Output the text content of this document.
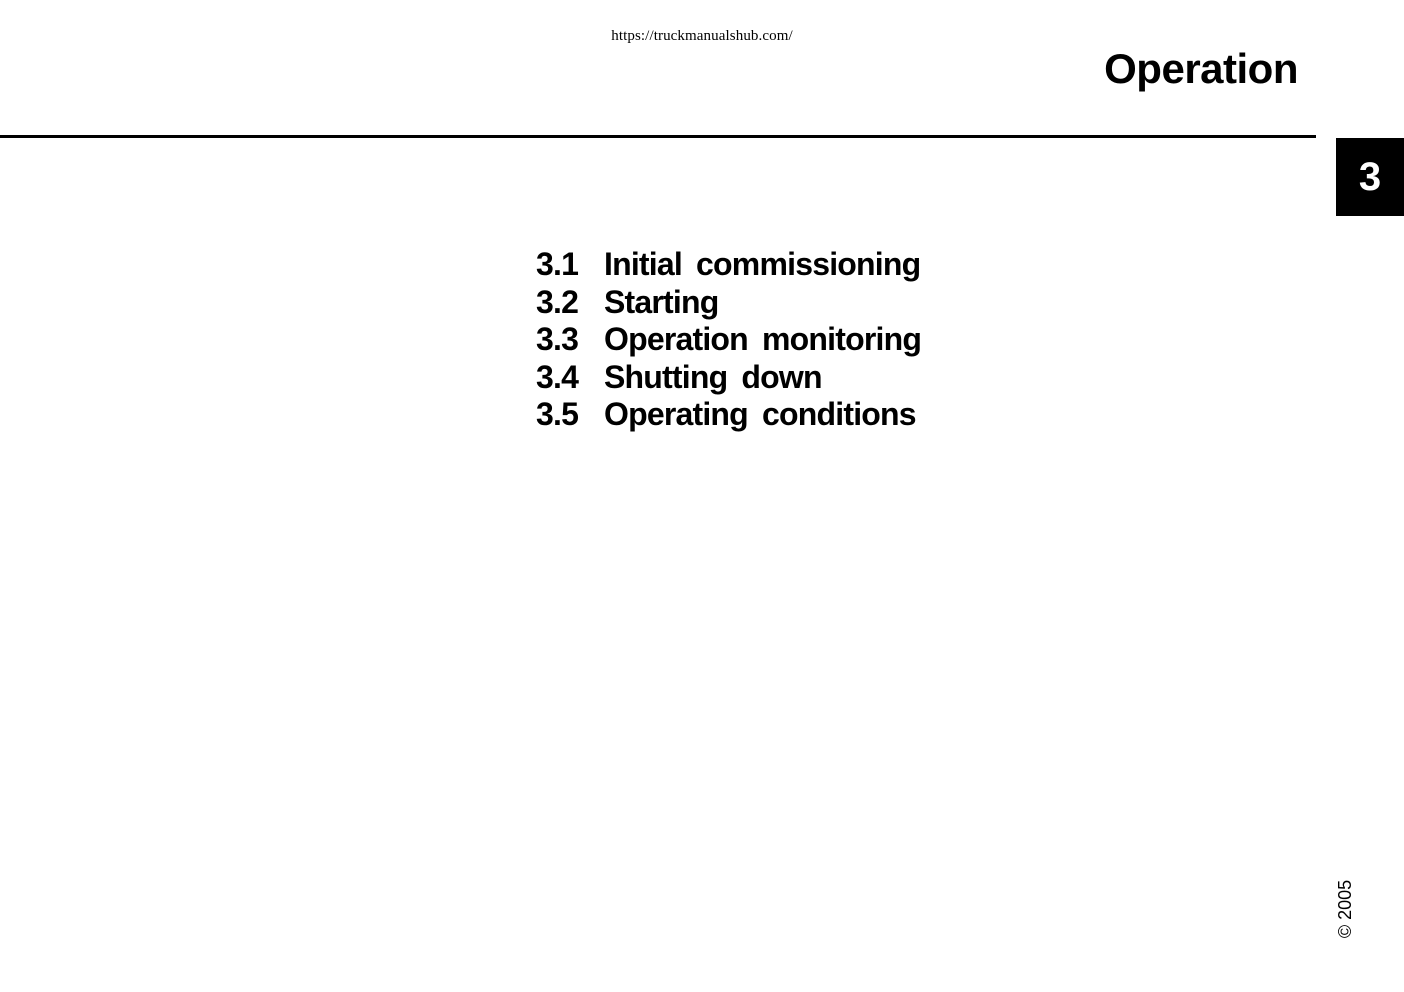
https://truckmanualshub.com/
Operation
3
3.1 Initial commissioning
3.2 Starting
3.3 Operation monitoring
3.4 Shutting down
3.5 Operating conditions
© 2005
